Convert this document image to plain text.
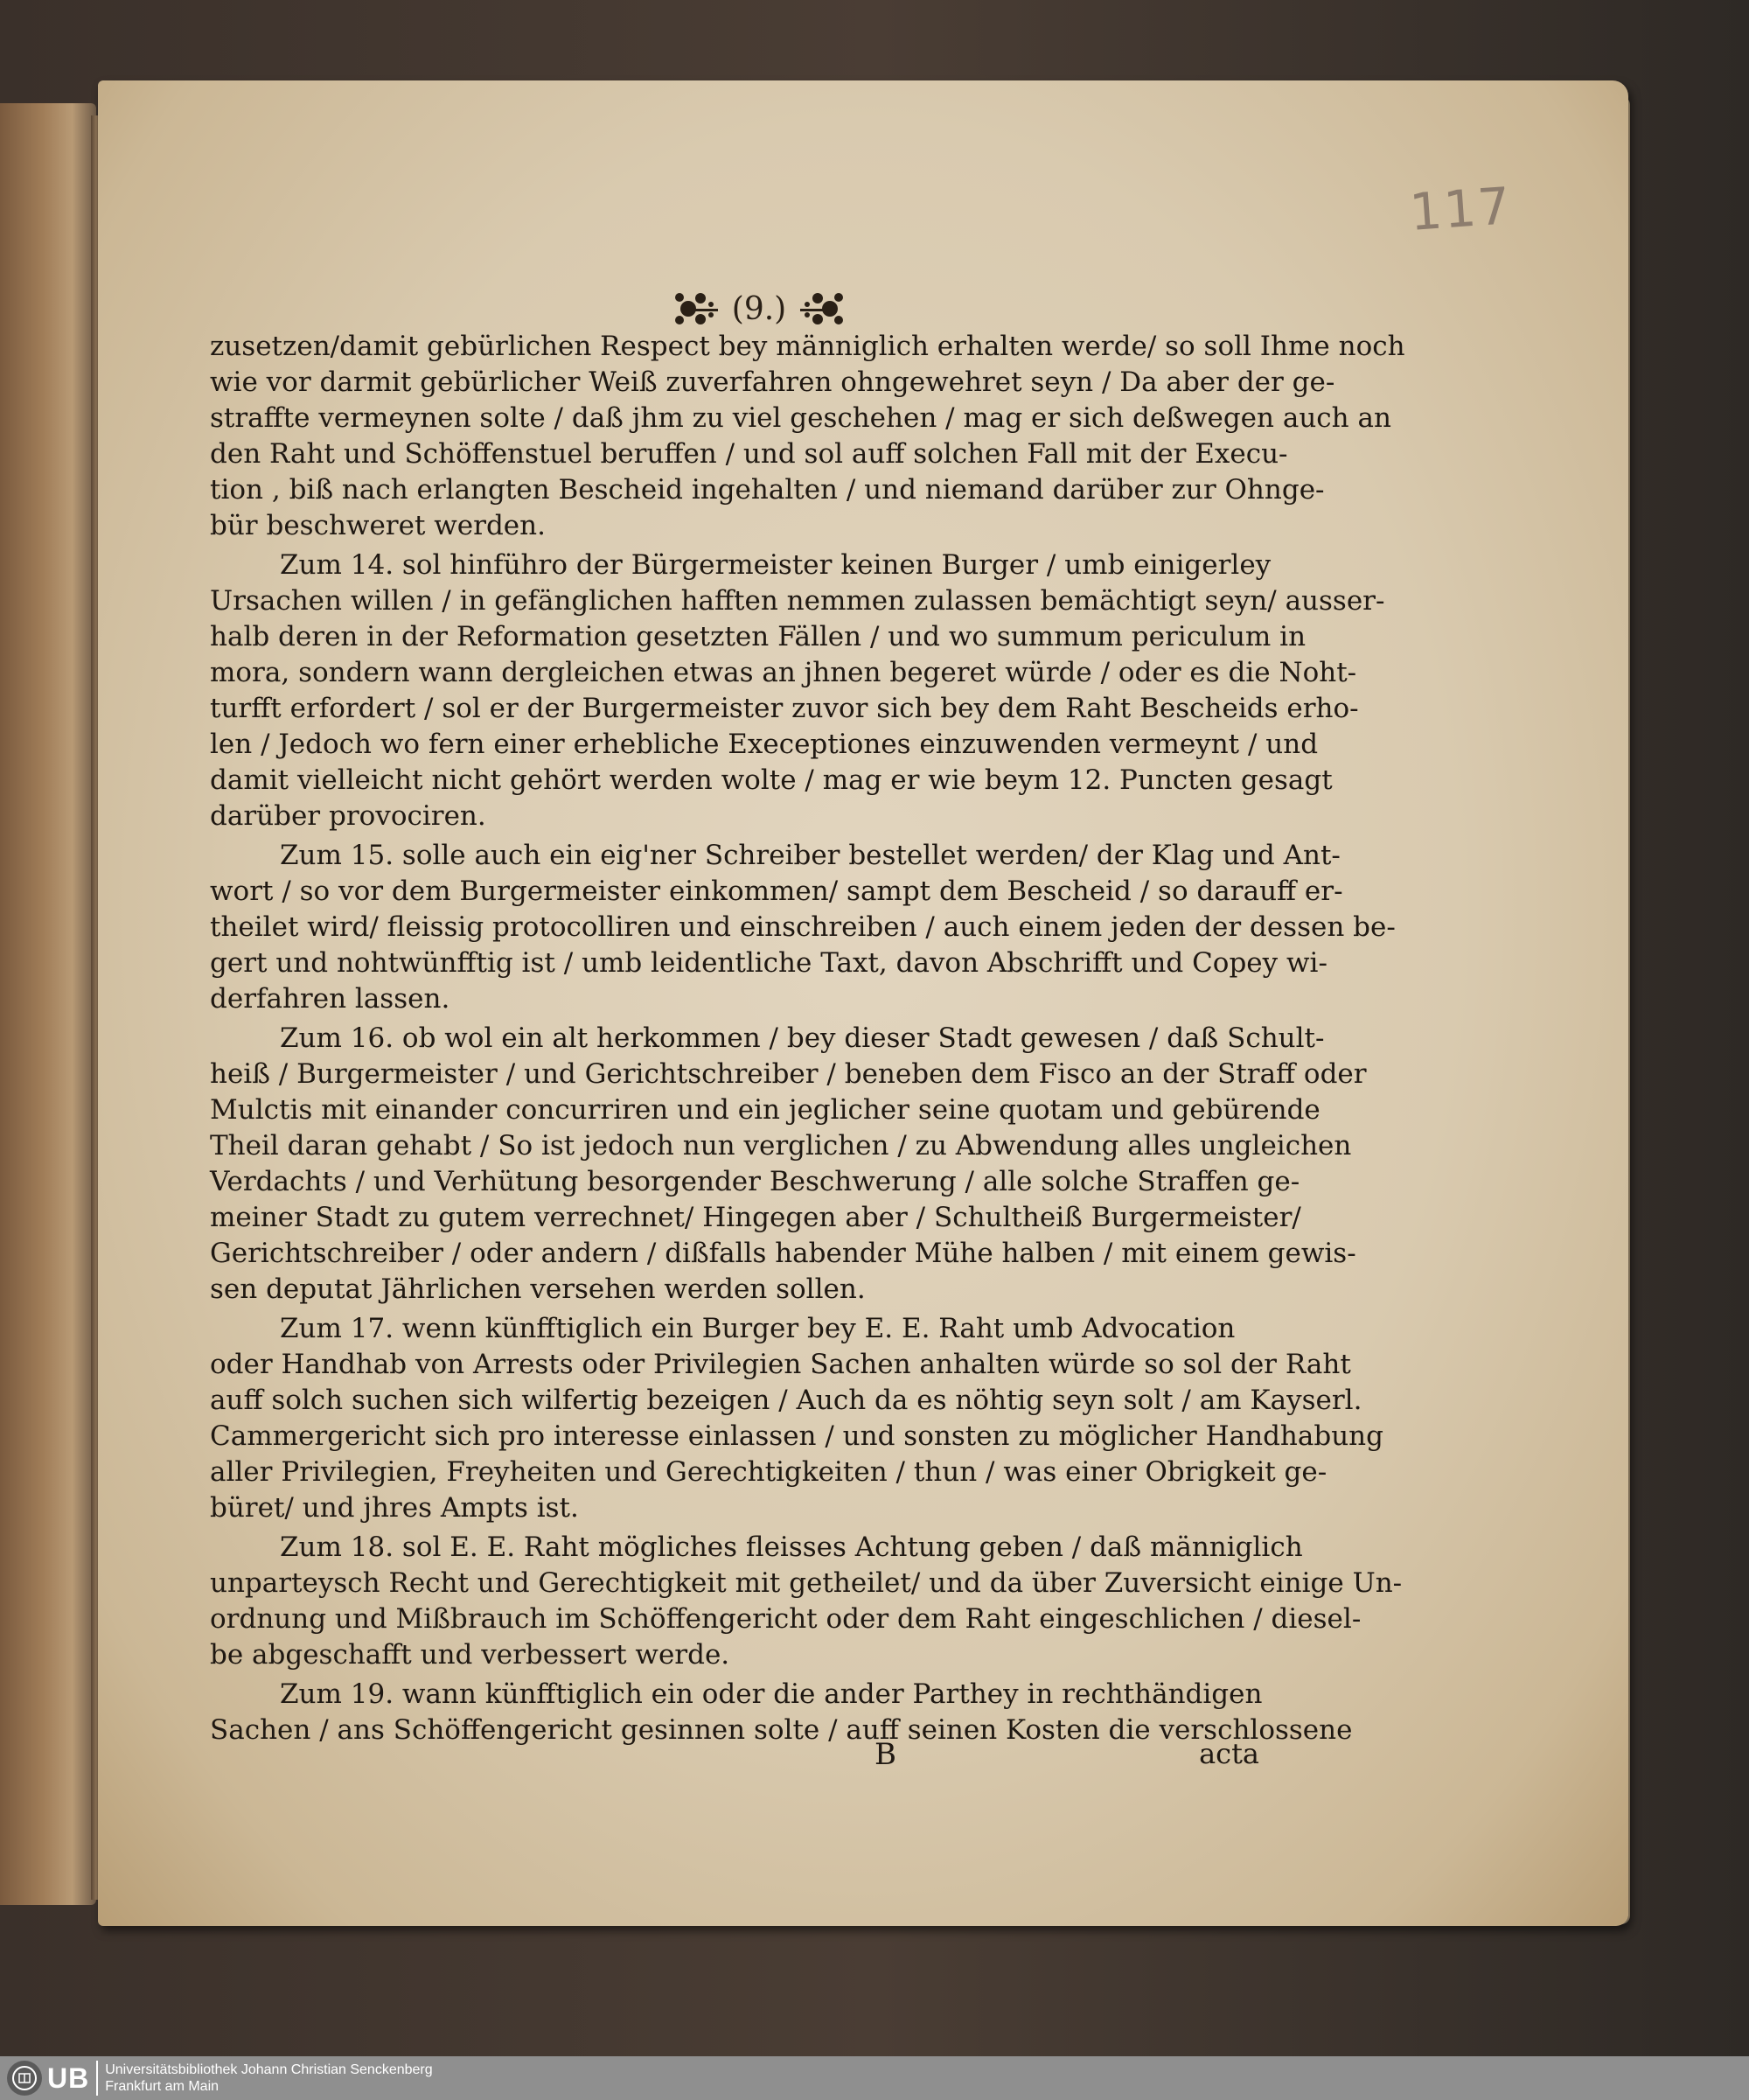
117
(9.)
zusetzen/damit gebürlichen Respect bey männiglich erhalten werde/ so soll Ihme noch
wie vor darmit gebürlicher Weiß zuverfahren ohngewehret seyn / Da aber der ge-
straffte vermeynen solte / daß jhm zu viel geschehen / mag er sich deßwegen auch an
den Raht und Schöffenstuel beruffen / und sol auff solchen Fall mit der Execu-
tion , biß nach erlangten Bescheid ingehalten / und niemand darüber zur Ohnge-
bür beschweret werden.
Zum 14. sol hinführo der Bürgermeister keinen Burger / umb einigerley
Ursachen willen / in gefänglichen hafften nemmen zulassen bemächtigt seyn/ ausser-
halb deren in der Reformation gesetzten Fällen / und wo summum periculum in
mora, sondern wann dergleichen etwas an jhnen begeret würde / oder es die Noht-
turfft erfordert / sol er der Burgermeister zuvor sich bey dem Raht Bescheids erho-
len / Jedoch wo fern einer erhebliche Execeptiones einzuwenden vermeynt / und
damit vielleicht nicht gehört werden wolte / mag er wie beym 12. Puncten gesagt
darüber provociren.
Zum 15. solle auch ein eig'ner Schreiber bestellet werden/ der Klag und Ant-
wort / so vor dem Burgermeister einkommen/ sampt dem Bescheid / so darauff er-
theilet wird/ fleissig protocolliren und einschreiben / auch einem jeden der dessen be-
gert und nohtwünfftig ist / umb leidentliche Taxt, davon Abschrifft und Copey wi-
derfahren lassen.
Zum 16. ob wol ein alt herkommen / bey dieser Stadt gewesen / daß Schult-
heiß / Burgermeister / und Gerichtschreiber / beneben dem Fisco an der Straff oder
Mulctis mit einander concurriren und ein jeglicher seine quotam und gebürende
Theil daran gehabt / So ist jedoch nun verglichen / zu Abwendung alles ungleichen
Verdachts / und Verhütung besorgender Beschwerung / alle solche Straffen ge-
meiner Stadt zu gutem verrechnet/ Hingegen aber / Schultheiß Burgermeister/
Gerichtschreiber / oder andern / dißfalls habender Mühe halben / mit einem gewis-
sen deputat Jährlichen versehen werden sollen.
Zum 17. wenn künfftiglich ein Burger bey E. E. Raht umb Advocation
oder Handhab von Arrests oder Privilegien Sachen anhalten würde so sol der Raht
auff solch suchen sich wilfertig bezeigen / Auch da es nöhtig seyn solt / am Kayserl.
Cammergericht sich pro interesse einlassen / und sonsten zu möglicher Handhabung
aller Privilegien, Freyheiten und Gerechtigkeiten / thun / was einer Obrigkeit ge-
büret/ und jhres Ampts ist.
Zum 18. sol E. E. Raht mögliches fleisses Achtung geben / daß männiglich
unparteysch Recht und Gerechtigkeit mit getheilet/ und da über Zuversicht einige Un-
ordnung und Mißbrauch im Schöffengericht oder dem Raht eingeschlichen / diesel-
be abgeschafft und verbessert werde.
Zum 19. wann künfftiglich ein oder die ander Parthey in rechthändigen
Sachen / ans Schöffengericht gesinnen solte / auff seinen Kosten die verschlossene
B	acta
UB Universitätsbibliothek Johann Christian Senckenberg
Frankfurt am Main
